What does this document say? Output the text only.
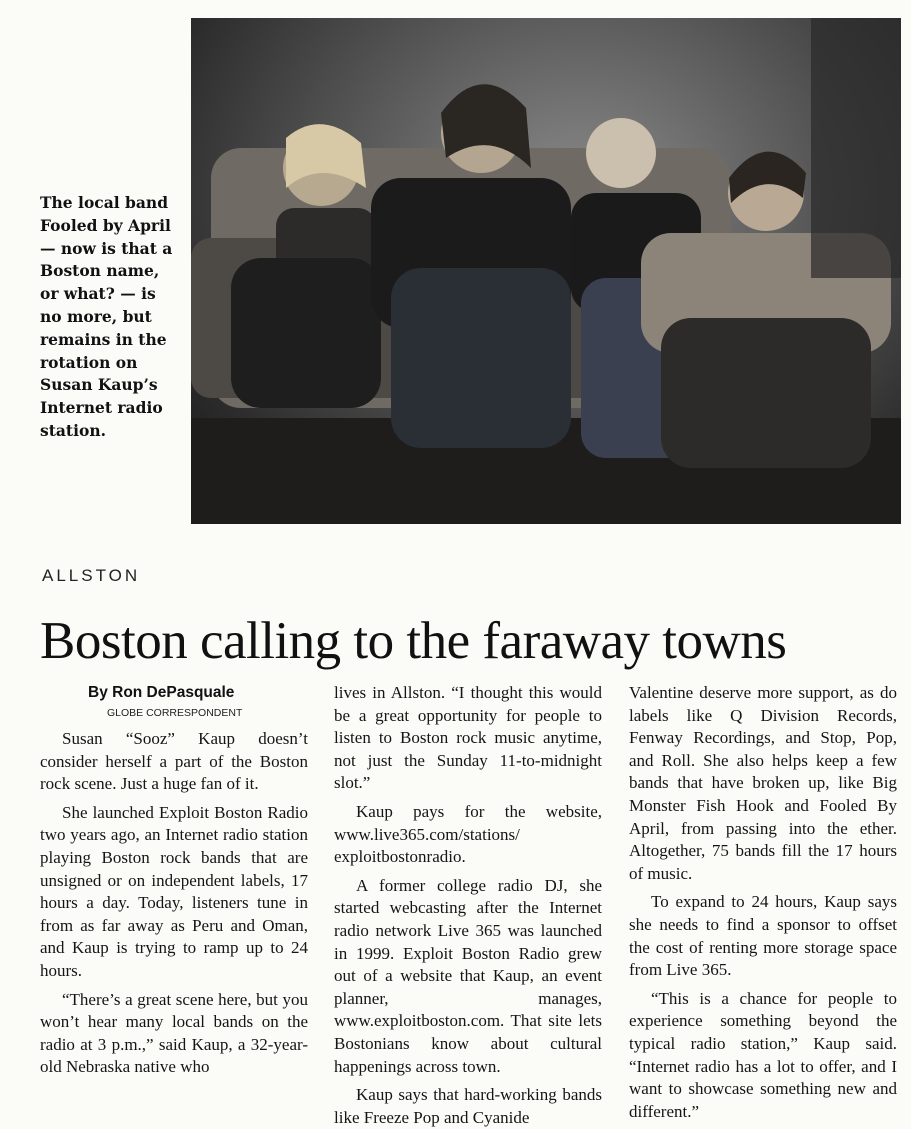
The local band Fooled by April — now is that a Boston name, or what? — is no more, but remains in the rotation on Susan Kaup’s Internet radio station.
ALLSTON
Boston calling to the faraway towns
By Ron DePasquale
GLOBE CORRESPONDENT

Susan “Sooz” Kaup doesn’t consider herself a part of the Boston rock scene. Just a huge fan of it.

She launched Exploit Boston Radio two years ago, an Internet radio station playing Boston rock bands that are unsigned or on independent labels, 17 hours a day. Today, listeners tune in from as far away as Peru and Oman, and Kaup is trying to ramp up to 24 hours.

“There’s a great scene here, but you won’t hear many local bands on the radio at 3 p.m.,” said Kaup, a 32-year-old Nebraska native who

lives in Allston. “I thought this would be a great opportunity for people to listen to Boston rock music anytime, not just the Sunday 11-to-midnight slot.”

Kaup pays for the website, www.live365.com/stations/ exploitbostonradio.

A former college radio DJ, she started webcasting after the Internet radio network Live 365 was launched in 1999. Exploit Boston Radio grew out of a website that Kaup, an event planner, manages, www.exploitboston.com. That site lets Bostonians know about cultural happenings across town.

Kaup says that hard-working bands like Freeze Pop and Cyanide

Valentine deserve more support, as do labels like Q Division Records, Fenway Recordings, and Stop, Pop, and Roll. She also helps keep a few bands that have broken up, like Big Monster Fish Hook and Fooled By April, from passing into the ether. Altogether, 75 bands fill the 17 hours of music.

To expand to 24 hours, Kaup says she needs to find a sponsor to offset the cost of renting more storage space from Live 365.

“This is a chance for people to experience something beyond the typical radio station,” Kaup said. “Internet radio has a lot to offer, and I want to showcase something new and different.”
